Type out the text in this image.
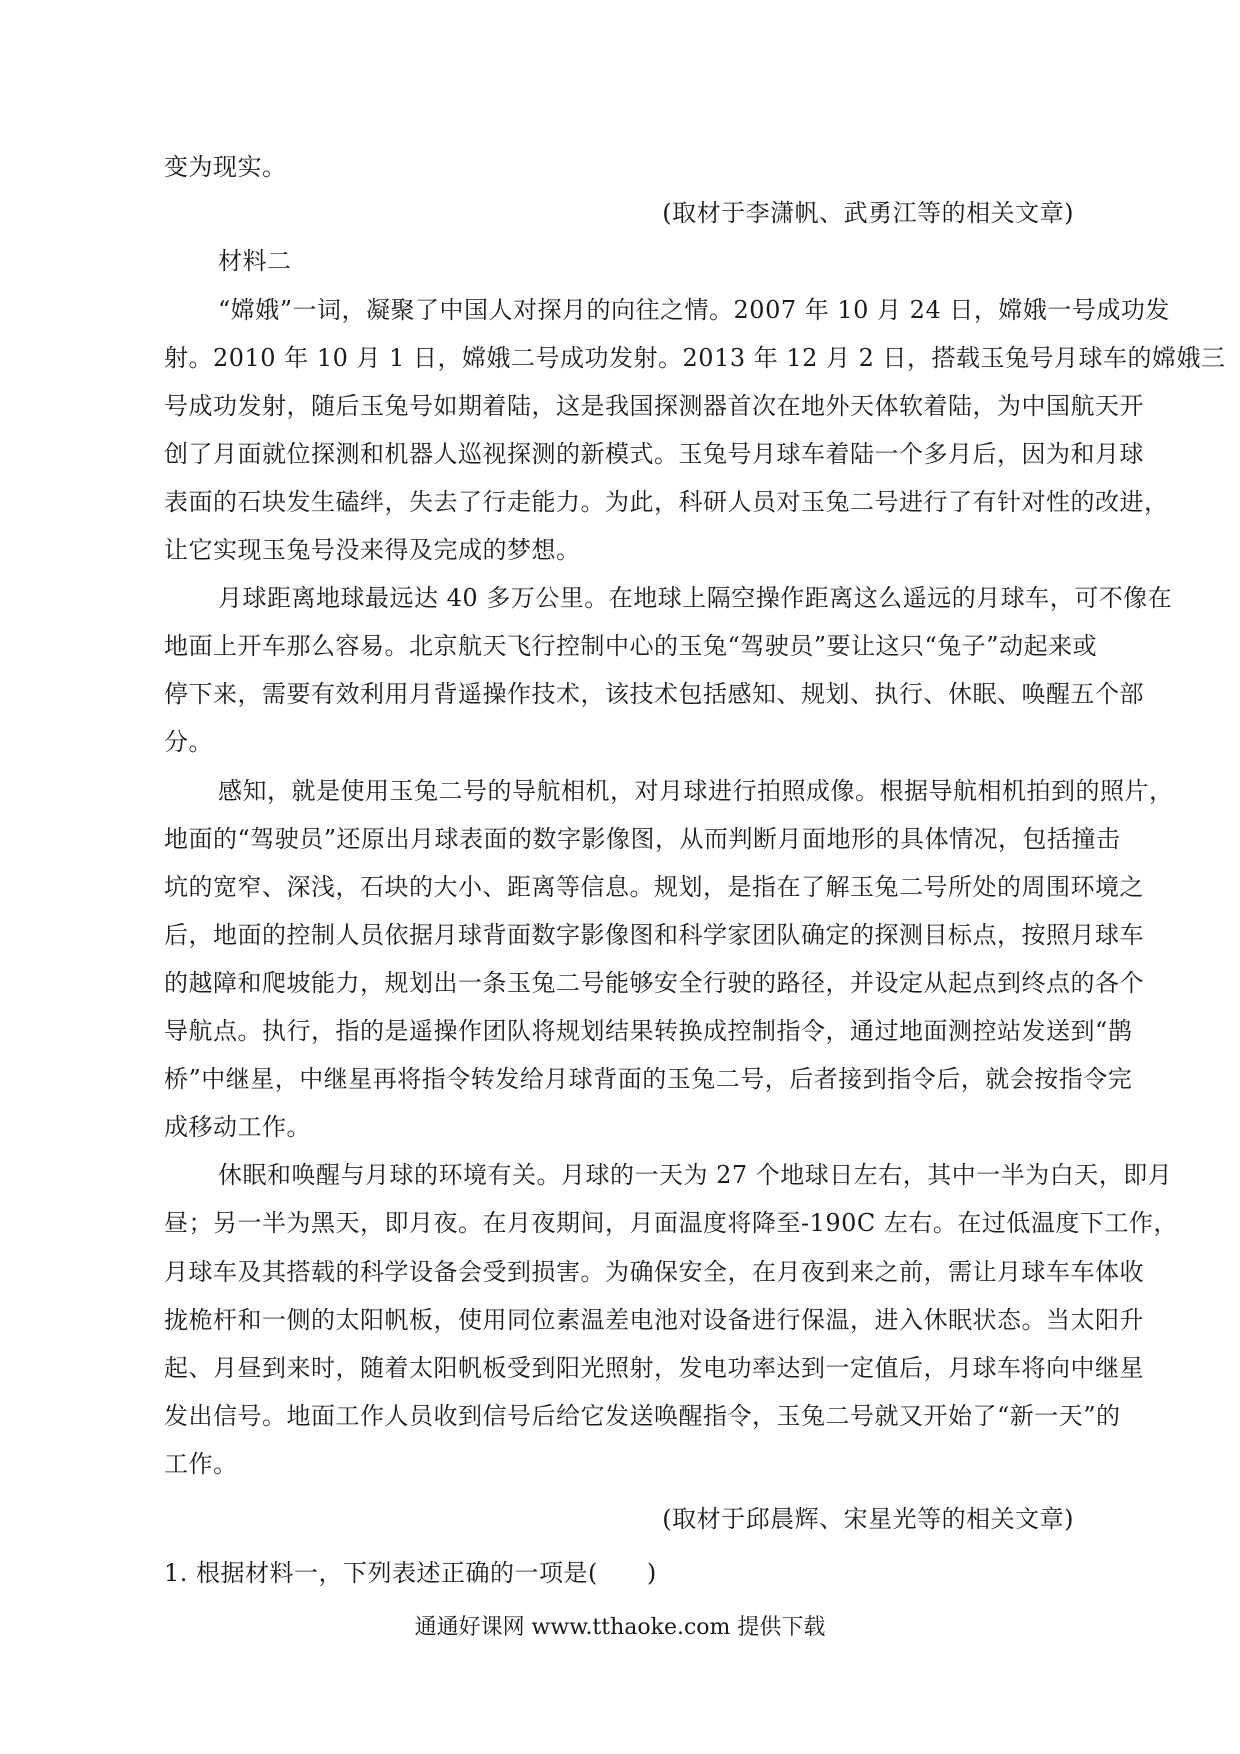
变为现实。
(取材于李潇帆、武勇江等的相关文章)
材料二
“嫦娥”一词，凝聚了中国人对探月的向往之情。2007 年 10 月 24 日，嫦娥一号成功发
射。2010 年 10 月 1 日，嫦娥二号成功发射。2013 年 12 月 2 日，搭载玉兔号月球车的嫦娥三
号成功发射，随后玉兔号如期着陆，这是我国探测器首次在地外天体软着陆，为中国航天开
创了月面就位探测和机器人巡视探测的新模式。玉兔号月球车着陆一个多月后，因为和月球
表面的石块发生磕绊，失去了行走能力。为此，科研人员对玉兔二号进行了有针对性的改进，
让它实现玉兔号没来得及完成的梦想。
月球距离地球最远达 40 多万公里。在地球上隔空操作距离这么遥远的月球车，可不像在
地面上开车那么容易。北京航天飞行控制中心的玉兔“驾驶员”要让这只“兔子”动起来或
停下来，需要有效利用月背遥操作技术，该技术包括感知、规划、执行、休眠、唤醒五个部
分。
感知，就是使用玉兔二号的导航相机，对月球进行拍照成像。根据导航相机拍到的照片，
地面的“驾驶员”还原出月球表面的数字影像图，从而判断月面地形的具体情况，包括撞击
坑的宽窄、深浅，石块的大小、距离等信息。规划，是指在了解玉兔二号所处的周围环境之
后，地面的控制人员依据月球背面数字影像图和科学家团队确定的探测目标点，按照月球车
的越障和爬坡能力，规划出一条玉兔二号能够安全行驶的路径，并设定从起点到终点的各个
导航点。执行，指的是遥操作团队将规划结果转换成控制指令，通过地面测控站发送到“鹊
桥”中继星，中继星再将指令转发给月球背面的玉兔二号，后者接到指令后，就会按指令完
成移动工作。
休眠和唤醒与月球的环境有关。月球的一天为 27 个地球日左右，其中一半为白天，即月
昼；另一半为黑天，即月夜。在月夜期间，月面温度将降至-190C 左右。在过低温度下工作，
月球车及其搭载的科学设备会受到损害。为确保安全，在月夜到来之前，需让月球车车体收
拢桅杆和一侧的太阳帆板，使用同位素温差电池对设备进行保温，进入休眠状态。当太阳升
起、月昼到来时，随着太阳帆板受到阳光照射，发电功率达到一定值后，月球车将向中继星
发出信号。地面工作人员收到信号后给它发送唤醒指令，玉兔二号就又开始了“新一天”的
工作。
通通好课网 www.tthaoke.com 提供下载
(取材于邱晨辉、宋星光等的相关文章)
1. 根据材料一，下列表述正确的一项是(　　)
